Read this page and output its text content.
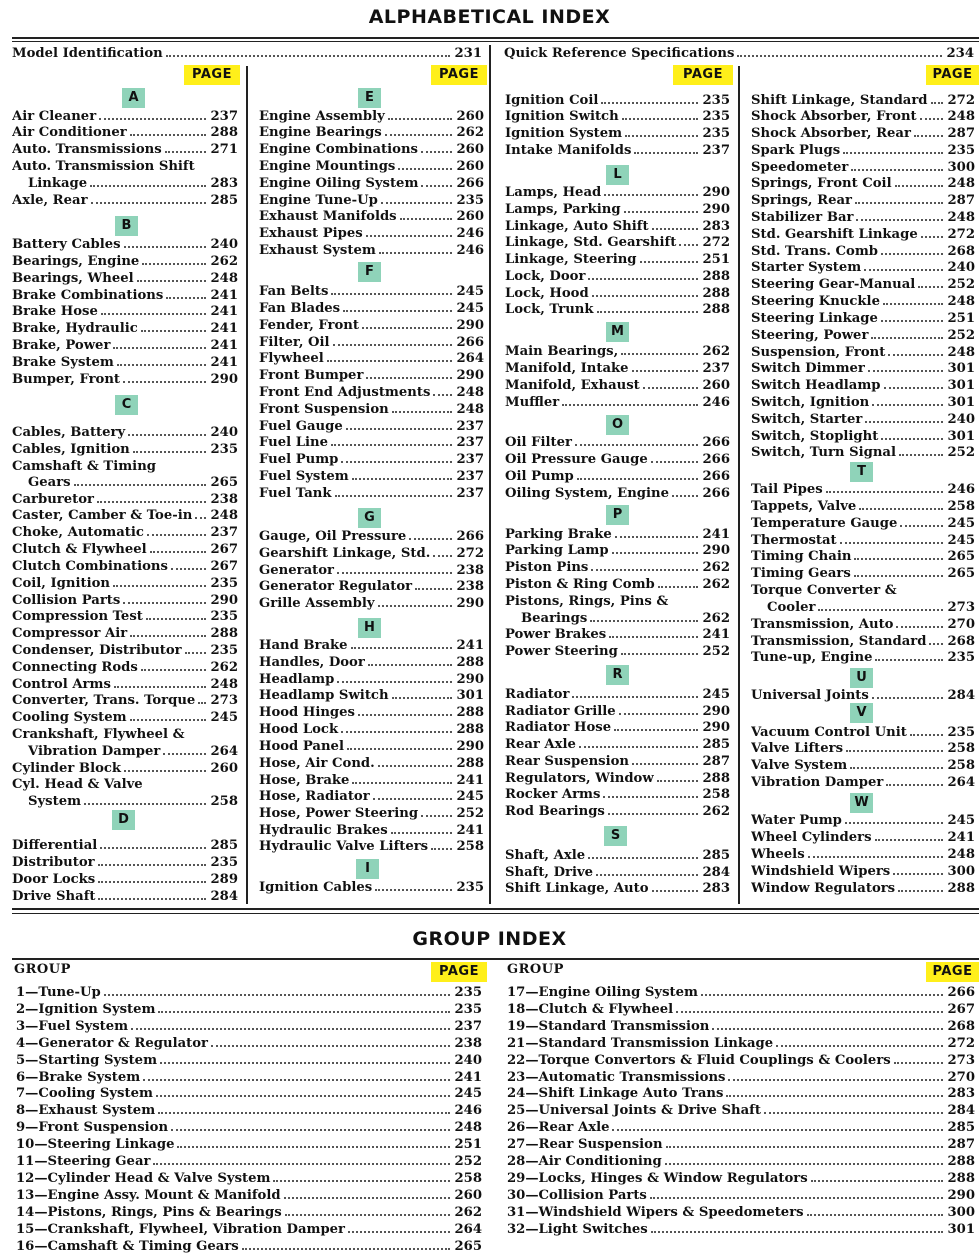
ALPHABETICAL INDEX
Model Identification	231 Quick Reference Specifications	234
PAGE
Air Cleaner	237
Air Conditioner	288
Auto. Transmissions	271
Auto. Transmission Shift
Linkage	283
Axle, Rear	285
Battery Cables	240
Bearings, Engine	262
Bearings, Wheel	248
Brake Combinations	241
Brake Hose	241
Brake, Hydraulic	241
Brake, Power	241
Brake System	241
Bumper, Front	290
Cables, Battery	240
Cables, Ignition	235
Camshaft & Timing
Gears	265
Carburetor	238
Caster, Camber & Toe-in	248
Choke, Automatic	237
Clutch & Flywheel	267
Clutch Combinations	267
Coil, Ignition	235
Collision Parts	290
Compression Test	235
Compressor Air	288
Condenser, Distributor	235
Connecting Rods	262
Control Arms	248
Converter, Trans. Torque	273
Cooling System	245
Crankshaft, Flywheel &
Vibration Damper	264
Cylinder Block	260
Cyl. Head & Valve
System	258
Differential	285
Distributor	235
Door Locks	289
Drive Shaft	284
A
B
C
D
PAGE
Engine Assembly	260
Engine Bearings	262
Engine Combinations	260
Engine Mountings	260
Engine Oiling System	266
Engine Tune-Up	235
Exhaust Manifolds	260
Exhaust Pipes	246
Exhaust System	246
Fan Belts	245
Fan Blades	245
Fender, Front	290
Filter, Oil	266
Flywheel	264
Front Bumper	290
Front End Adjustments	248
Front Suspension	248
Fuel Gauge	237
Fuel Line	237
Fuel Pump	237
Fuel System	237
Fuel Tank	237
Gauge, Oil Pressure	266
Gearshift Linkage, Std.	272
Generator	238
Generator Regulator	238
Grille Assembly	290
Hand Brake	241
Handles, Door	288
Headlamp	290
Headlamp Switch	301
Hood Hinges	288
Hood Lock	288
Hood Panel	290
Hose, Air Cond.	288
Hose, Brake	241
Hose, Radiator	245
Hose, Power Steering	252
Hydraulic Brakes	241
Hydraulic Valve Lifters	258
Ignition Cables	235
E
F
G
H
I
PAGE
Ignition Coil	235
Ignition Switch	235
Ignition System	235
Intake Manifolds	237
Lamps, Head	290
Lamps, Parking	290
Linkage, Auto Shift	283
Linkage, Std. Gearshift	272
Linkage, Steering	251
Lock, Door	288
Lock, Hood	288
Lock, Trunk	288
Main Bearings,	262
Manifold, Intake	237
Manifold, Exhaust	260
Muffler	246
Oil Filter	266
Oil Pressure Gauge	266
Oil Pump	266
Oiling System, Engine	266
Parking Brake	241
Parking Lamp	290
Piston Pins	262
Piston & Ring Comb	262
Pistons, Rings, Pins &
Bearings	262
Power Brakes	241
Power Steering	252
Radiator	245
Radiator Grille	290
Radiator Hose	290
Rear Axle	285
Rear Suspension	287
Regulators, Window	288
Rocker Arms	258
Rod Bearings	262
Shaft, Axle	285
Shaft, Drive	284
Shift Linkage, Auto	283
L
M
O
P
R
S
PAGE
Shift Linkage, Standard	272
Shock Absorber, Front	248
Shock Absorber, Rear	287
Spark Plugs	235
Speedometer	300
Springs, Front Coil	248
Springs, Rear	287
Stabilizer Bar	248
Std. Gearshift Linkage	272
Std. Trans. Comb	268
Starter System	240
Steering Gear-Manual	252
Steering Knuckle	248
Steering Linkage	251
Steering, Power	252
Suspension, Front	248
Switch Dimmer	301
Switch Headlamp	301
Switch, Ignition	301
Switch, Starter	240
Switch, Stoplight	301
Switch, Turn Signal	252
Tail Pipes	246
Tappets, Valve	258
Temperature Gauge	245
Thermostat	245
Timing Chain	265
Timing Gears	265
Torque Converter &
Cooler	273
Transmission, Auto	270
Transmission, Standard	268
Tune-up, Engine	235
Universal Joints	284
Vacuum Control Unit	235
Valve Lifters	258
Valve System	258
Vibration Damper	264
Water Pump	245
Wheel Cylinders	241
Wheels	248
Windshield Wipers	300
Window Regulators	288
T
U
V
W
GROUP INDEX
GROUP	GROUP
PAGE	PAGE
1—Tune-Up	235
2—Ignition System	235
3—Fuel System	237
4—Generator & Regulator	238
5—Starting System	240
6—Brake System	241
7—Cooling System	245
8—Exhaust System	246
9—Front Suspension	248
10—Steering Linkage	251
11—Steering Gear	252
12—Cylinder Head & Valve System	258
13—Engine Assy. Mount & Manifold	260
14—Pistons, Rings, Pins & Bearings	262
15—Crankshaft, Flywheel, Vibration Damper	264
16—Camshaft & Timing Gears	265
17—Engine Oiling System	266
18—Clutch & Flywheel	267
19—Standard Transmission	268
21—Standard Transmission Linkage	272
22—Torque Convertors & Fluid Couplings & Coolers	273
23—Automatic Transmissions	270
24—Shift Linkage Auto Trans	283
25—Universal Joints & Drive Shaft	284
26—Rear Axle	285
27—Rear Suspension	287
28—Air Conditioning	288
29—Locks, Hinges & Window Regulators	288
30—Collision Parts	290
31—Windshield Wipers & Speedometers	300
32—Light Switches	301
